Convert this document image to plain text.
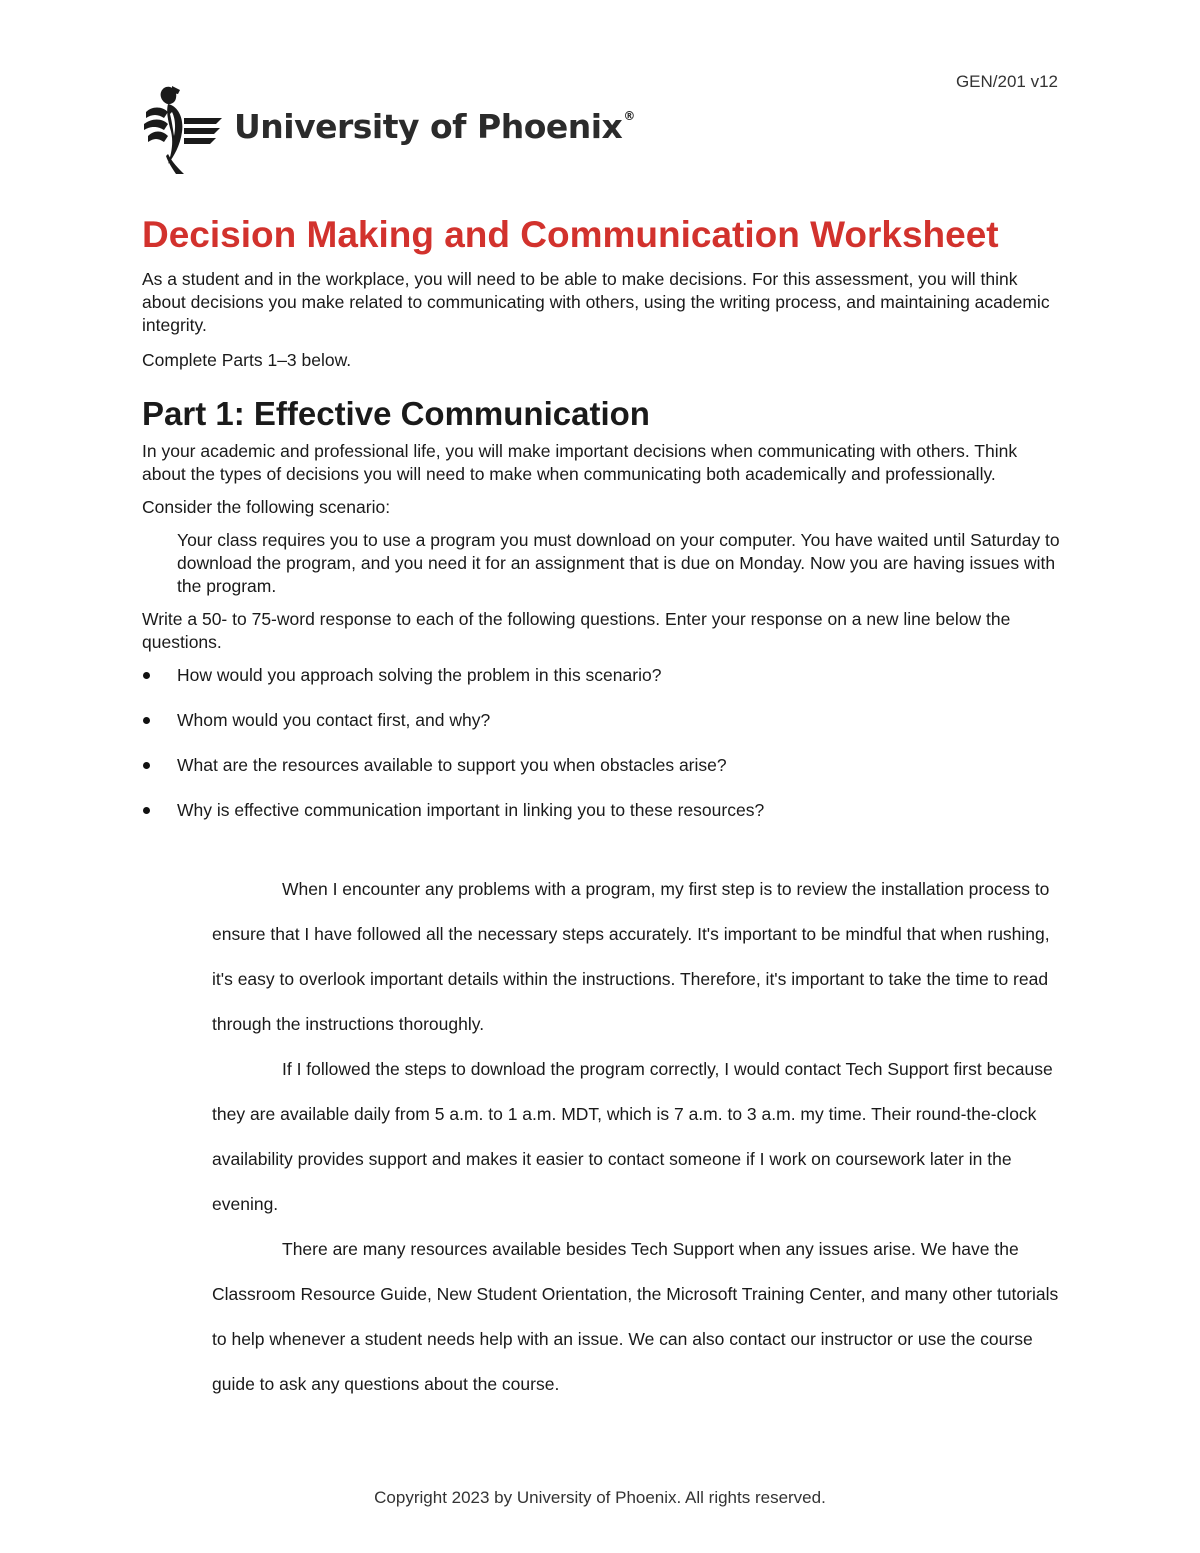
GEN/201 v12
University of Phoenix®
Decision Making and Communication Worksheet

As a student and in the workplace, you will need to be able to make decisions. For this assessment, you will think about decisions you make related to communicating with others, using the writing process, and maintaining academic integrity.

Complete Parts 1–3 below.

Part 1: Effective Communication

In your academic and professional life, you will make important decisions when communicating with others. Think about the types of decisions you will need to make when communicating both academically and professionally.

Consider the following scenario:

Your class requires you to use a program you must download on your computer. You have waited until Saturday to download the program, and you need it for an assignment that is due on Monday. Now you are having issues with the program.

Write a 50- to 75-word response to each of the following questions. Enter your response on a new line below the questions.

How would you approach solving the problem in this scenario?
Whom would you contact first, and why?
What are the resources available to support you when obstacles arise?
Why is effective communication important in linking you to these resources?

When I encounter any problems with a program, my first step is to review the installation process to ensure that I have followed all the necessary steps accurately. It's important to be mindful that when rushing, it's easy to overlook important details within the instructions. Therefore, it's important to take the time to read through the instructions thoroughly.

If I followed the steps to download the program correctly, I would contact Tech Support first because they are available daily from 5 a.m. to 1 a.m. MDT, which is 7 a.m. to 3 a.m. my time. Their round-the-clock availability provides support and makes it easier to contact someone if I work on coursework later in the evening.

There are many resources available besides Tech Support when any issues arise. We have the Classroom Resource Guide, New Student Orientation, the Microsoft Training Center, and many other tutorials to help whenever a student needs help with an issue. We can also contact our instructor or use the course guide to ask any questions about the course.

Copyright 2023 by University of Phoenix. All rights reserved.
